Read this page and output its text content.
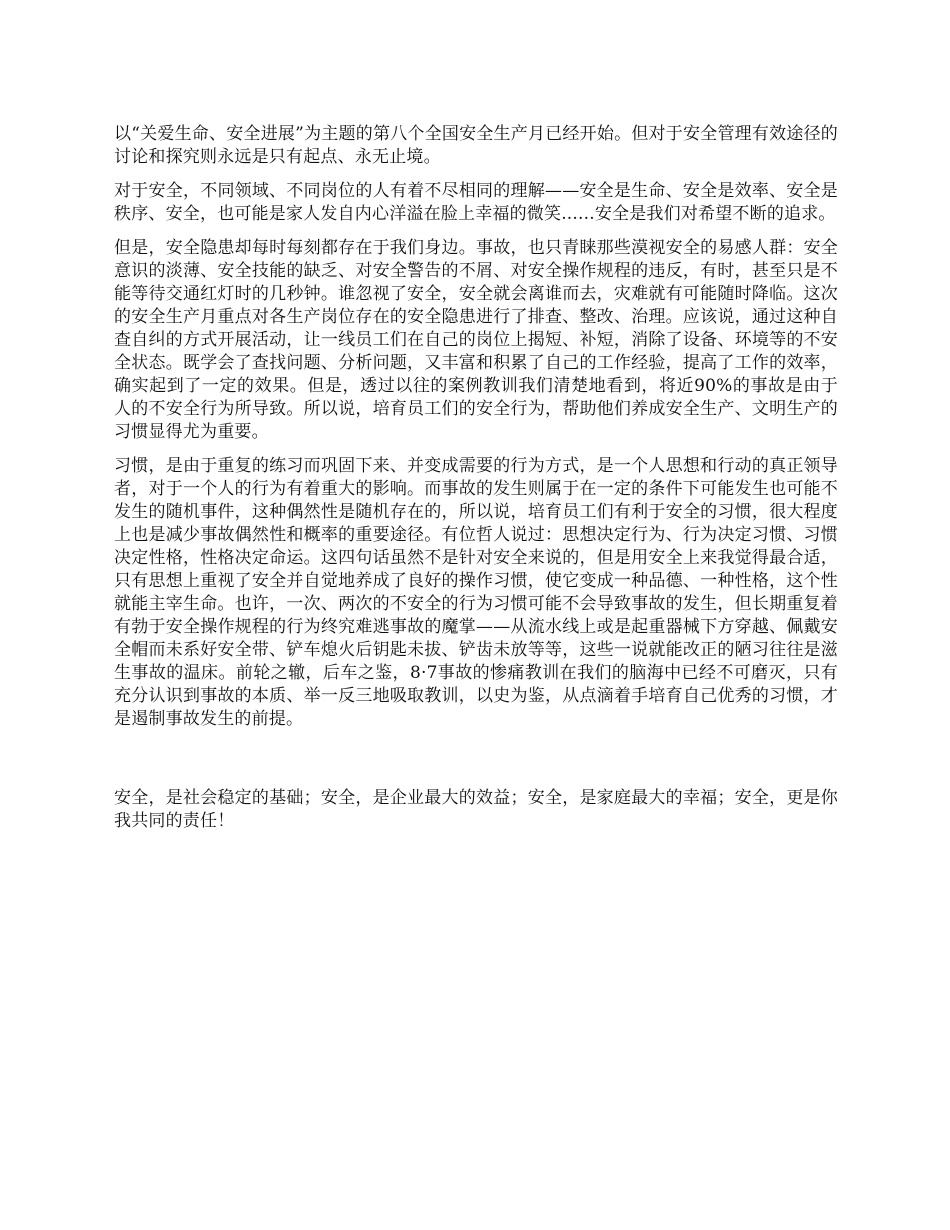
以“关爱生命、安全进展”为主题的第八个全国安全生产月已经开始。但对于安全管理有效途径的讨论和探究则永远是只有起点、永无止境。

对于安全，不同领域、不同岗位的人有着不尽相同的理解——安全是生命、安全是效率、安全是秩序、安全，也可能是家人发自内心洋溢在脸上幸福的微笑......安全是我们对希望不断的追求。

但是，安全隐患却每时每刻都存在于我们身边。事故，也只青睐那些漠视安全的易感人群：安全意识的淡薄、安全技能的缺乏、对安全警告的不屑、对安全操作规程的违反，有时，甚至只是不能等待交通红灯时的几秒钟。谁忽视了安全，安全就会离谁而去，灾难就有可能随时降临。这次的安全生产月重点对各生产岗位存在的安全隐患进行了排查、整改、治理。应该说，通过这种自查自纠的方式开展活动，让一线员工们在自己的岗位上揭短、补短，消除了设备、环境等的不安全状态。既学会了查找问题、分析问题，又丰富和积累了自己的工作经验，提高了工作的效率，确实起到了一定的效果。但是，透过以往的案例教训我们清楚地看到，将近90%的事故是由于人的不安全行为所导致。所以说，培育员工们的安全行为，帮助他们养成安全生产、文明生产的习惯显得尤为重要。

习惯，是由于重复的练习而巩固下来、并变成需要的行为方式，是一个人思想和行动的真正领导者，对于一个人的行为有着重大的影响。而事故的发生则属于在一定的条件下可能发生也可能不发生的随机事件，这种偶然性是随机存在的，所以说，培育员工们有利于安全的习惯，很大程度上也是减少事故偶然性和概率的重要途径。有位哲人说过：思想决定行为、行为决定习惯、习惯决定性格，性格决定命运。这四句话虽然不是针对安全来说的，但是用安全上来我觉得最合适，只有思想上重视了安全并自觉地养成了良好的操作习惯，使它变成一种品德、一种性格，这个性就能主宰生命。也许，一次、两次的不安全的行为习惯可能不会导致事故的发生，但长期重复着有勃于安全操作规程的行为终究难逃事故的魔掌——从流水线上或是起重器械下方穿越、佩戴安全帽而未系好安全带、铲车熄火后钥匙未拔、铲齿未放等等，这些一说就能改正的陋习往往是滋生事故的温床。前轮之辙，后车之鉴，8·7事故的惨痛教训在我们的脑海中已经不可磨灭，只有充分认识到事故的本质、举一反三地吸取教训，以史为鉴，从点滴着手培育自己优秀的习惯，才是遏制事故发生的前提。

安全，是社会稳定的基础；安全，是企业最大的效益；安全，是家庭最大的幸福；安全，更是你我共同的责任！
